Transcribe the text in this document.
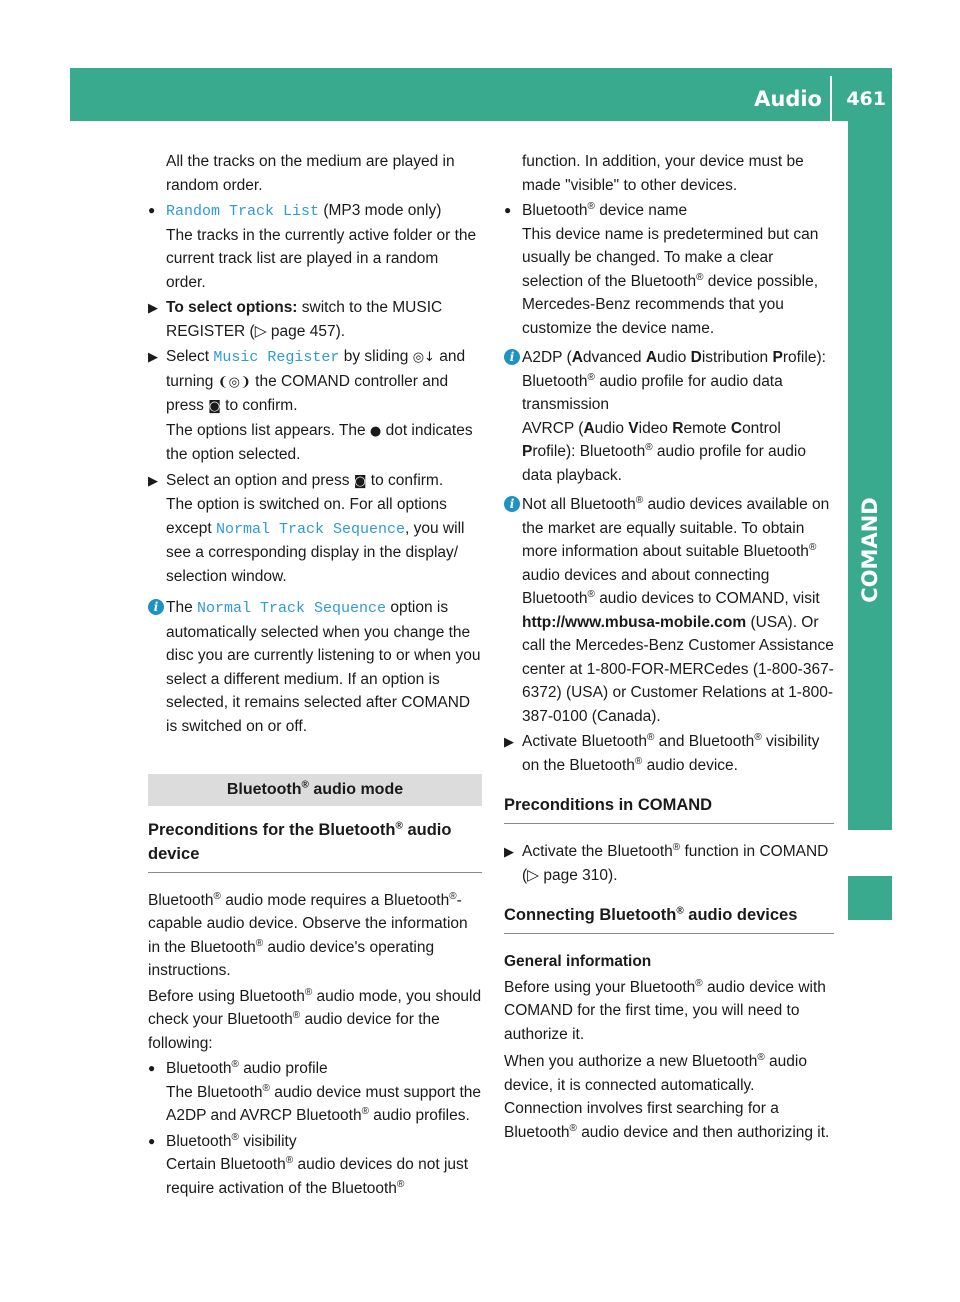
Audio 461
COMAND

All the tracks on the medium are played in random order.

● Random Track List (MP3 mode only)
The tracks in the currently active folder or the current track list are played in a random order.
▶ To select options: switch to the MUSIC REGISTER (▷ page 457).
▶ Select Music Register by sliding ◎↓ and turning ❨◎❩ the COMAND controller and press ◙ to confirm.
The options list appears. The ● dot indicates the option selected.
▶ Select an option and press ◙ to confirm.
The option is switched on. For all options except Normal Track Sequence, you will see a corresponding display in the display/ selection window.
i The Normal Track Sequence option is automatically selected when you change the disc you are currently listening to or when you select a different medium. If an option is selected, it remains selected after COMAND is switched on or off.
Bluetooth® audio mode
Preconditions for the Bluetooth® audio device

Bluetooth® audio mode requires a Bluetooth®-capable audio device. Observe the information in the Bluetooth® audio device's operating instructions.

Before using Bluetooth® audio mode, you should check your Bluetooth® audio device for the following:

● Bluetooth® audio profile
The Bluetooth® audio device must support the A2DP and AVRCP Bluetooth® audio profiles.
● Bluetooth® visibility
Certain Bluetooth® audio devices do not just require activation of the Bluetooth®

function. In addition, your device must be made "visible" to other devices.

● Bluetooth® device name
This device name is predetermined but can usually be changed. To make a clear selection of the Bluetooth® device possible, Mercedes-Benz recommends that you customize the device name.
i A2DP (Advanced Audio Distribution Profile): Bluetooth® audio profile for audio data transmission
AVRCP (Audio Video Remote Control Profile): Bluetooth® audio profile for audio data playback.
i Not all Bluetooth® audio devices available on the market are equally suitable. To obtain more information about suitable Bluetooth® audio devices and about connecting Bluetooth® audio devices to COMAND, visit
http://www.mbusa-mobile.com (USA). Or call the Mercedes-Benz Customer Assistance center at 1-800-FOR-MERCedes (1-800-367-6372) (USA) or Customer Relations at 1-800-387-0100 (Canada).
▶ Activate Bluetooth® and Bluetooth® visibility on the Bluetooth® audio device.
Preconditions in COMAND
▶ Activate the Bluetooth® function in COMAND (▷ page 310).
Connecting Bluetooth® audio devices
General information

Before using your Bluetooth® audio device with COMAND for the first time, you will need to authorize it.

When you authorize a new Bluetooth® audio device, it is connected automatically. Connection involves first searching for a Bluetooth® audio device and then authorizing it.
